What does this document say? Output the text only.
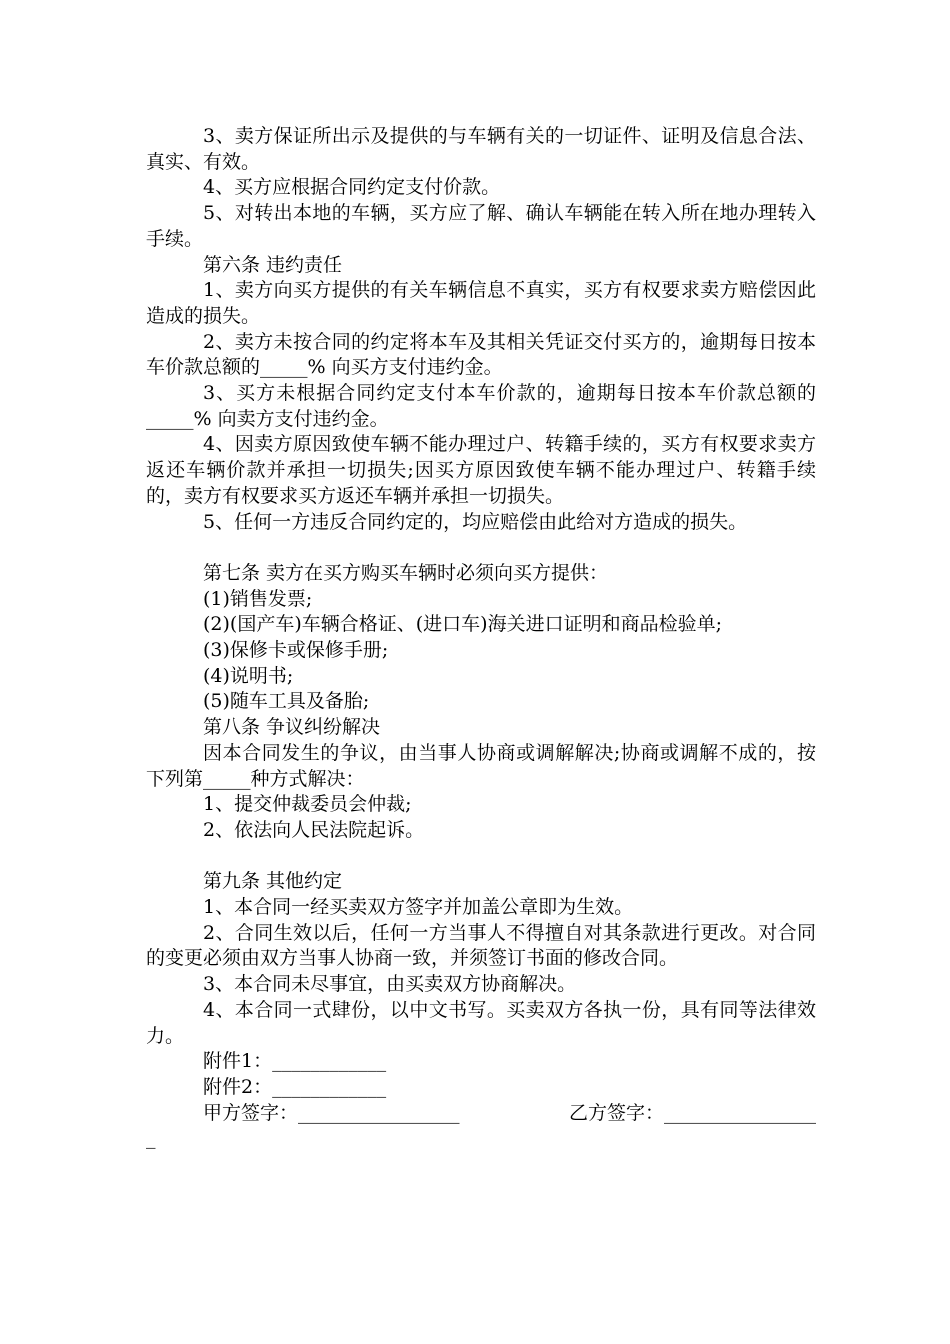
3、卖方保证所出示及提供的与车辆有关的一切证件、证明及信息合法、真实、有效。

4、买方应根据合同约定支付价款。

5、对转出本地的车辆，买方应了解、确认车辆能在转入所在地办理转入手续。

第六条 违约责任

1、卖方向买方提供的有关车辆信息不真实，买方有权要求卖方赔偿因此造成的损失。

2、卖方未按合同的约定将本车及其相关凭证交付买方的，逾期每日按本车价款总额的_____% 向买方支付违约金。

3、买方未根据合同约定支付本车价款的，逾期每日按本车价款总额的_____% 向卖方支付违约金。

4、因卖方原因致使车辆不能办理过户、转籍手续的，买方有权要求卖方返还车辆价款并承担一切损失;因买方原因致使车辆不能办理过户、转籍手续的，卖方有权要求买方返还车辆并承担一切损失。

5、任何一方违反合同约定的，均应赔偿由此给对方造成的损失。

第七条 卖方在买方购买车辆时必须向买方提供：

(1)销售发票;

(2)(国产车)车辆合格证、(进口车)海关进口证明和商品检验单;

(3)保修卡或保修手册;

(4)说明书;

(5)随车工具及备胎;

第八条 争议纠纷解决

因本合同发生的争议，由当事人协商或调解解决;协商或调解不成的，按下列第_____种方式解决：

1、提交仲裁委员会仲裁;

2、依法向人民法院起诉。

第九条 其他约定

1、本合同一经买卖双方签字并加盖公章即为生效。

2、合同生效以后，任何一方当事人不得擅自对其条款进行更改。对合同的变更必须由双方当事人协商一致，并须签订书面的修改合同。

3、本合同未尽事宜，由买卖双方协商解决。

4、本合同一式肆份，以中文书写。买卖双方各执一份，具有同等法律效力。

附件1：____________

附件2：____________

甲方签字：_________________	乙方签字：________________

_
